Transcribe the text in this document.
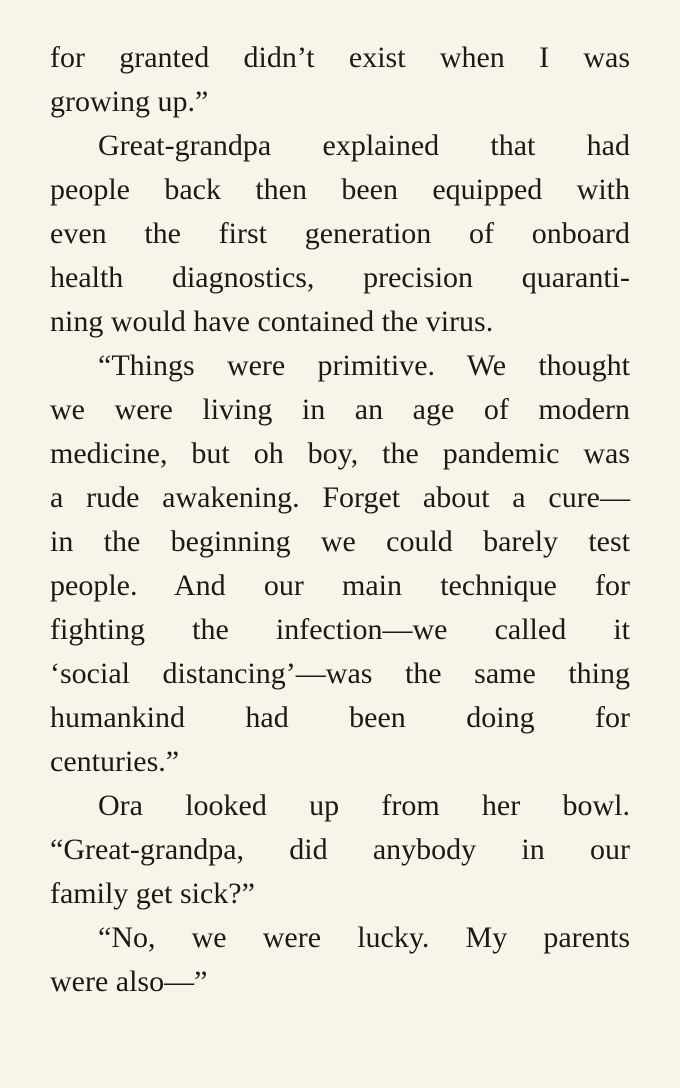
for granted didn’t exist when I was
growing up.”
Great-grandpa explained that had
people back then been equipped with
even the first generation of onboard
health diagnostics, precision quaranti-
ning would have contained the virus.
“Things were primitive. We thought
we were living in an age of modern
medicine, but oh boy, the pandemic was
a rude awakening. Forget about a cure—
in the beginning we could barely test
people. And our main technique for
fighting the infection—we called it
‘social distancing’—was the same thing
humankind had been doing for
centuries.”
Ora looked up from her bowl.
“Great-grandpa, did anybody in our
family get sick?”
“No, we were lucky. My parents
were also—”
